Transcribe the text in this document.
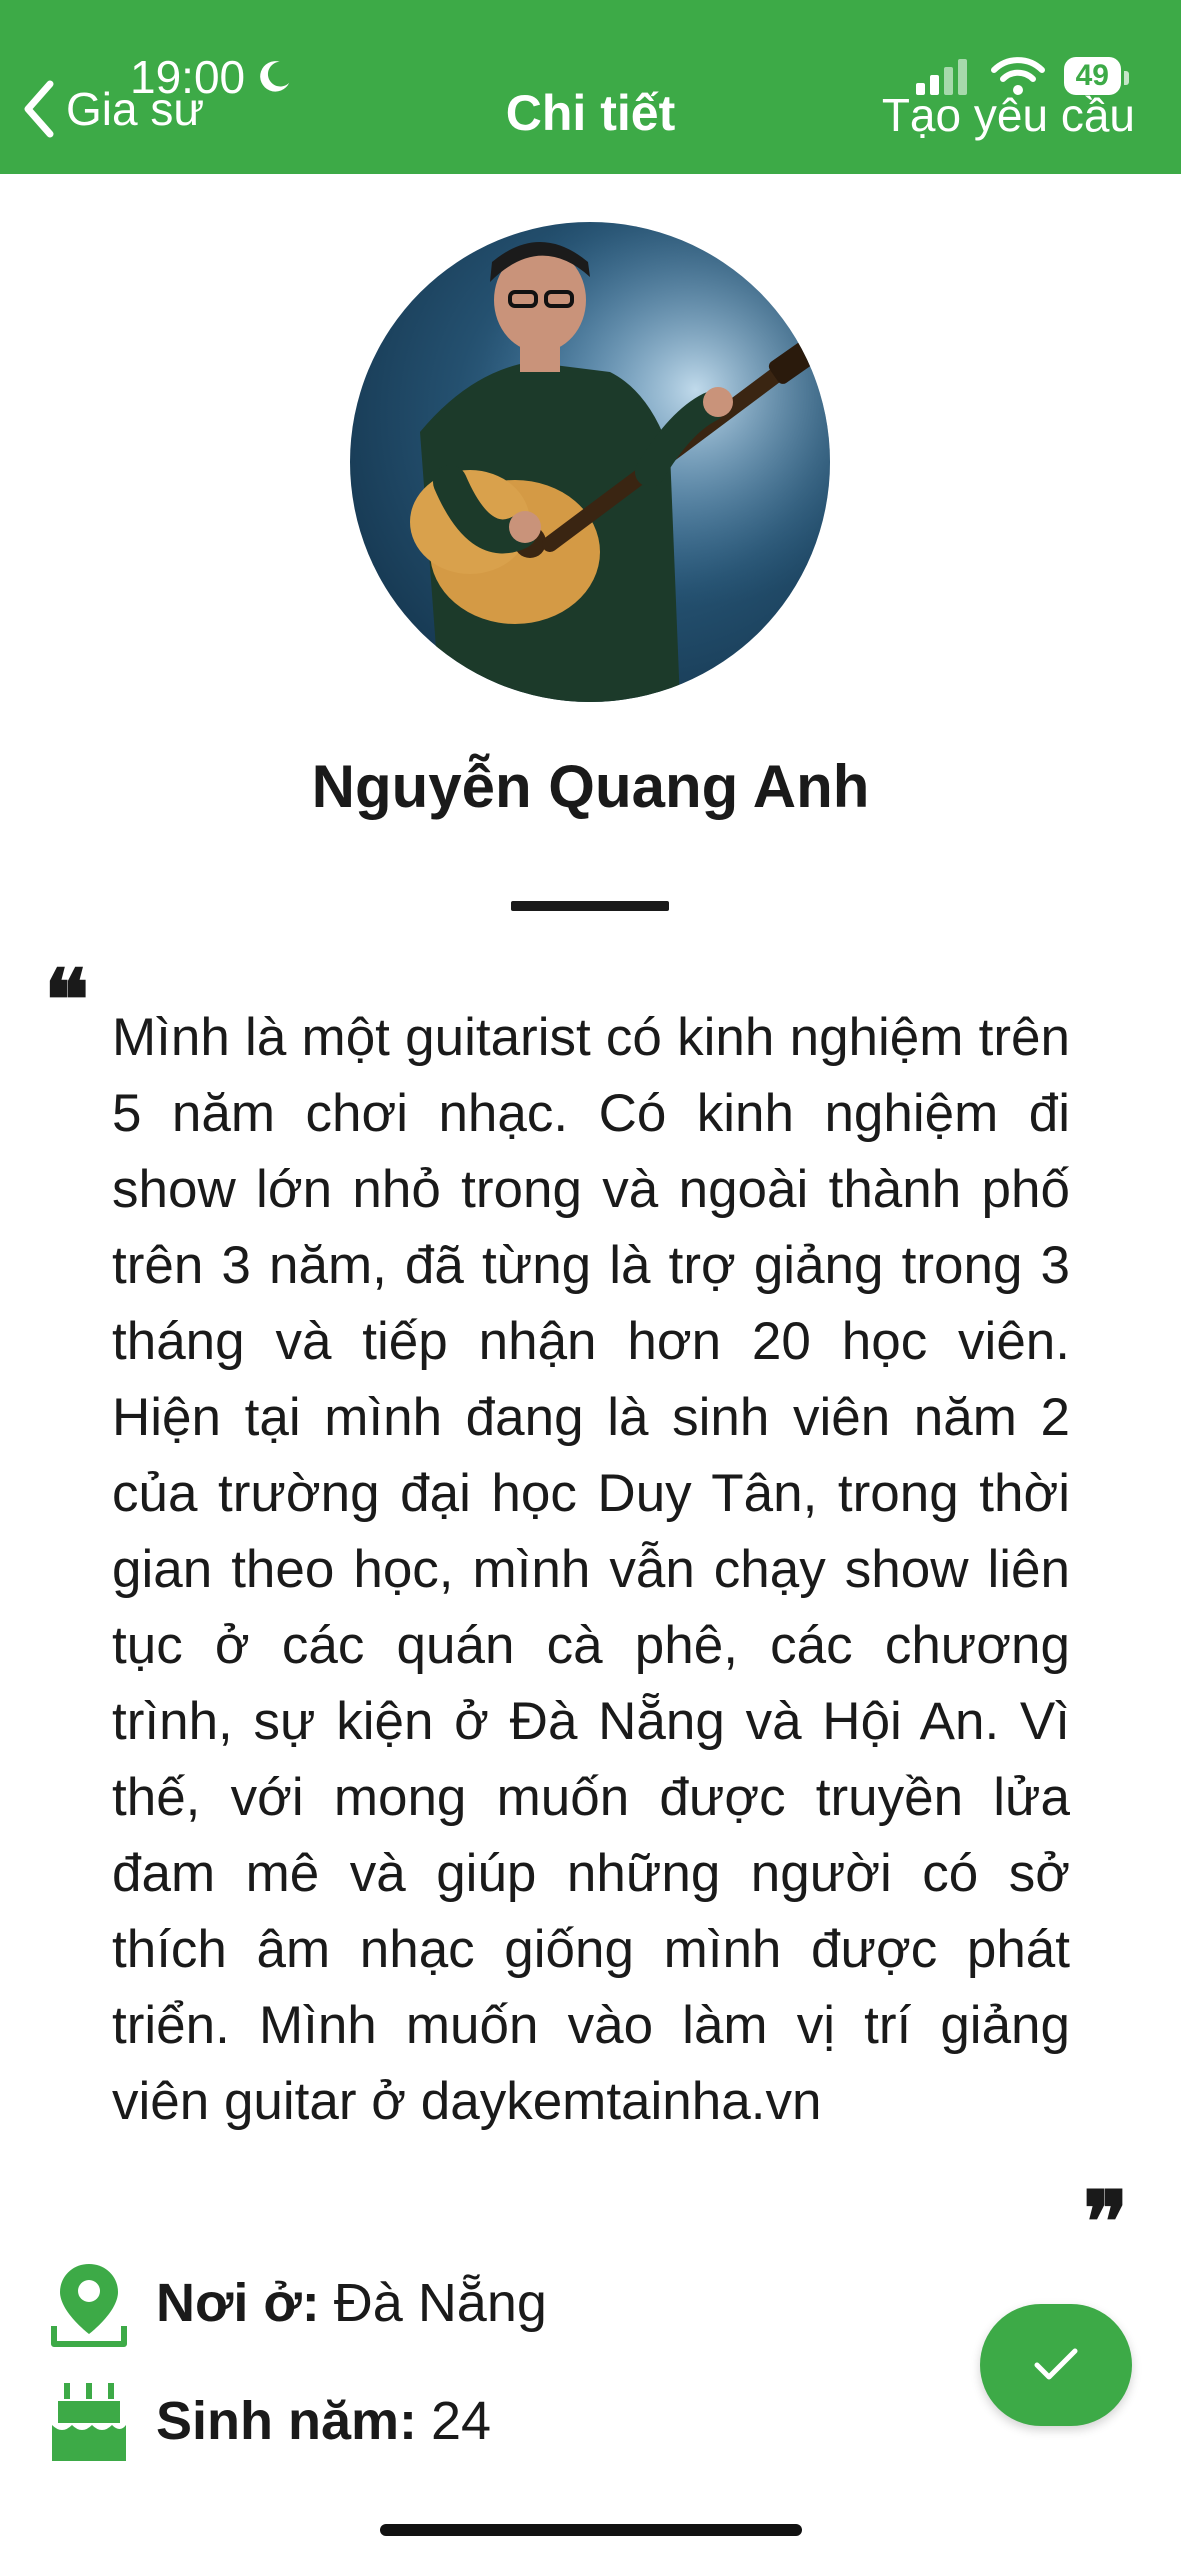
19:00
Gia sư	Chi tiết
49
Tạo yêu cầu
Nguyễn Quang Anh
❝ Mình là một guitarist có kinh nghiệm trên 5 năm chơi nhạc. Có kinh nghiệm đi show lớn nhỏ trong và ngoài thành phố trên 3 năm, đã từng là trợ giảng trong 3 tháng và tiếp nhận hơn 20 học viên. Hiện tại mình đang là sinh viên năm 2 của trường đại học Duy Tân, trong thời gian theo học, mình vẫn chạy show liên tục ở các quán cà phê, các chương trình, sự kiện ở Đà Nẵng và Hội An. Vì thế, với mong muốn được truyền lửa đam mê và giúp những người có sở thích âm nhạc giống mình được phát triển. Mình muốn vào làm vị trí giảng viên guitar ở daykemtainha.vn

❞
Nơi ở: Đà Nẵng
Sinh năm: 24
